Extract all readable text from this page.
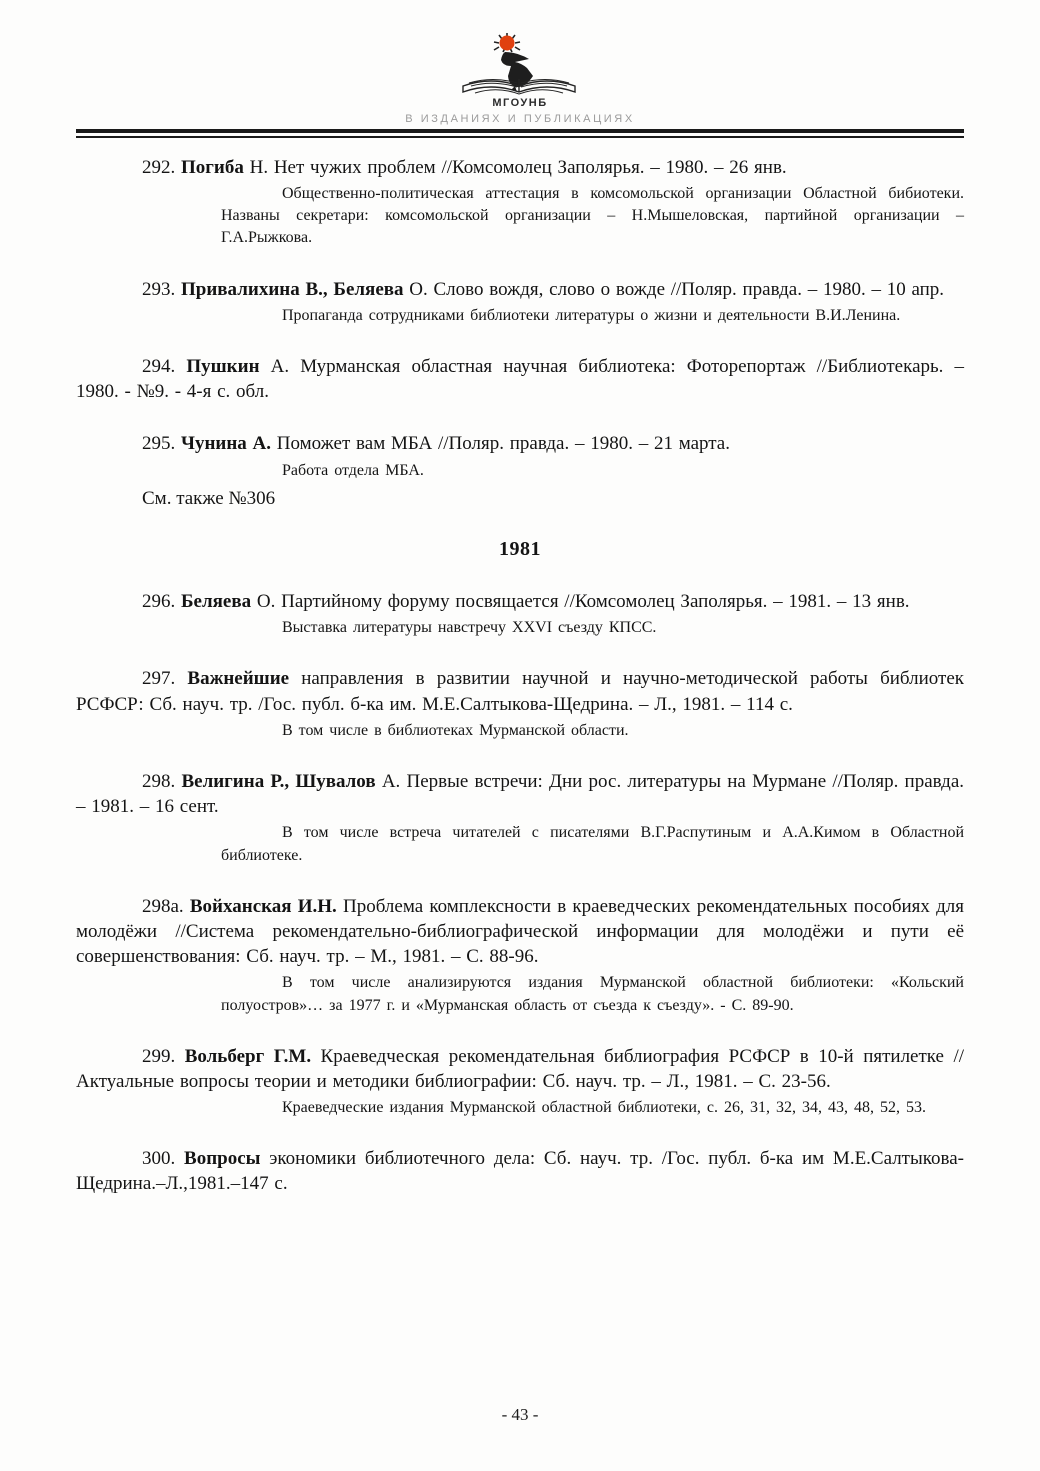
МГОУНБ
В ИЗДАНИЯХ И ПУБЛИКАЦИЯХ

292. Погиба Н. Нет чужих проблем //Комсомолец Заполярья. – 1980. – 26 янв.

Общественно-политическая аттестация в комсомольской организации Областной бибиотеки. Названы секретари: комсомольской организации – Н.Мышеловская, партийной организации – Г.А.Рыжкова.

293. Привалихина В., Беляева О. Слово вождя, слово о вожде //Поляр. правда. – 1980. – 10 апр.

Пропаганда сотрудниками библиотеки литературы о жизни и деятельности В.И.Ленина.

294. Пушкин А. Мурманская областная научная библиотека: Фоторепортаж //Библиотекарь. – 1980. - №9. - 4-я с. обл.

295. Чунина А. Поможет вам МБА //Поляр. правда. – 1980. – 21 марта.

Работа отдела МБА.

См. также №306

1981

296. Беляева О. Партийному форуму посвящается //Комсомолец Заполярья. – 1981. – 13 янв.

Выставка литературы навстречу XXVI съезду КПСС.

297. Важнейшие направления в развитии научной и научно-методической работы библиотек РСФСР: Сб. науч. тр. /Гос. публ. б-ка им. М.Е.Салтыкова-Щедрина. – Л., 1981. – 114 с.

В том числе в библиотеках Мурманской области.

298. Велигина Р., Шувалов А. Первые встречи: Дни рос. литературы на Мурмане //Поляр. правда. – 1981. – 16 сент.

В том числе встреча читателей с писателями В.Г.Распутиным и А.А.Кимом в Областной библиотеке.

298а. Войханская И.Н. Проблема комплексности в краеведческих рекомендательных пособиях для молодёжи //Система рекомендательно-библиографической информации для молодёжи и пути её совершенствования: Сб. науч. тр. – М., 1981. – С. 88-96.

В том числе анализируются издания Мурманской областной библиотеки: «Кольский полуостров»… за 1977 г. и «Мурманская область от съезда к съезду». - С. 89-90.

299. Вольберг Г.М. Краеведческая рекомендательная библиография РСФСР в 10-й пятилетке //Актуальные вопросы теории и методики библиографии: Сб. науч. тр. – Л., 1981. – С. 23-56.

Краеведческие издания Мурманской областной библиотеки, с. 26, 31, 32, 34, 43, 48, 52, 53.

300. Вопросы экономики библиотечного дела: Сб. науч. тр. /Гос. публ. б-ка им М.Е.Салтыкова-Щедрина.–Л.,1981.–147 с.

- 43 -
